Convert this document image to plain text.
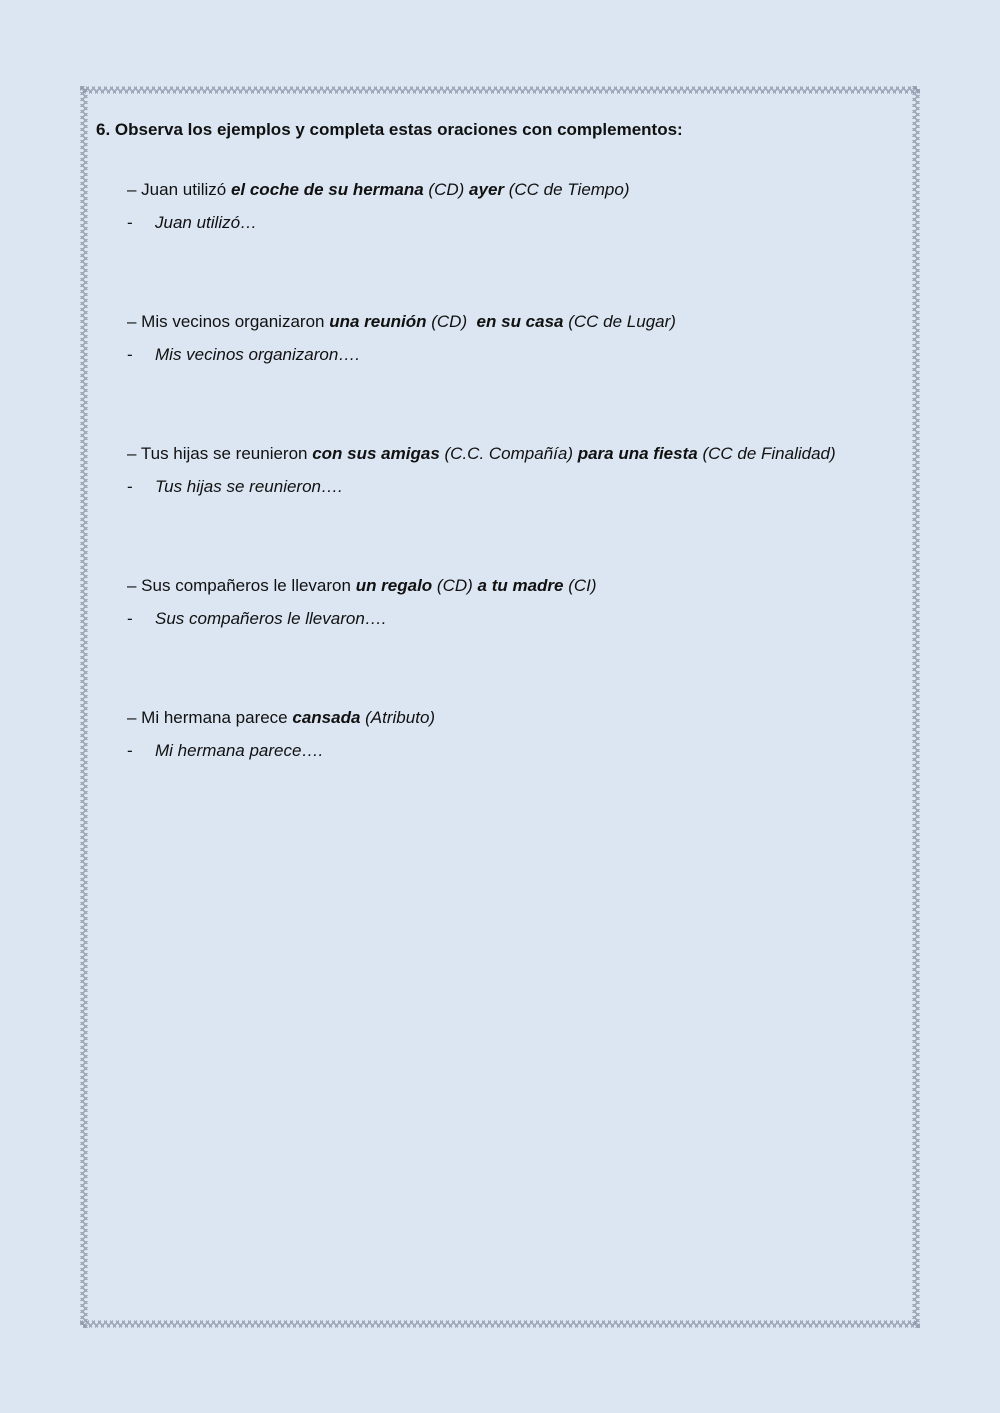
6. Observa los ejemplos y completa estas oraciones con complementos:
– Juan utilizó el coche de su hermana (CD) ayer (CC de Tiempo)
- Juan utilizó…
– Mis vecinos organizaron una reunión (CD)  en su casa (CC de Lugar)
- Mis vecinos organizaron….
– Tus hijas se reunieron con sus amigas (C.C. Compañía) para una fiesta (CC de Finalidad)
- Tus hijas se reunieron….
– Sus compañeros le llevaron un regalo (CD) a tu madre (CI)
- Sus compañeros le llevaron….
– Mi hermana parece cansada (Atributo)
- Mi hermana parece….
